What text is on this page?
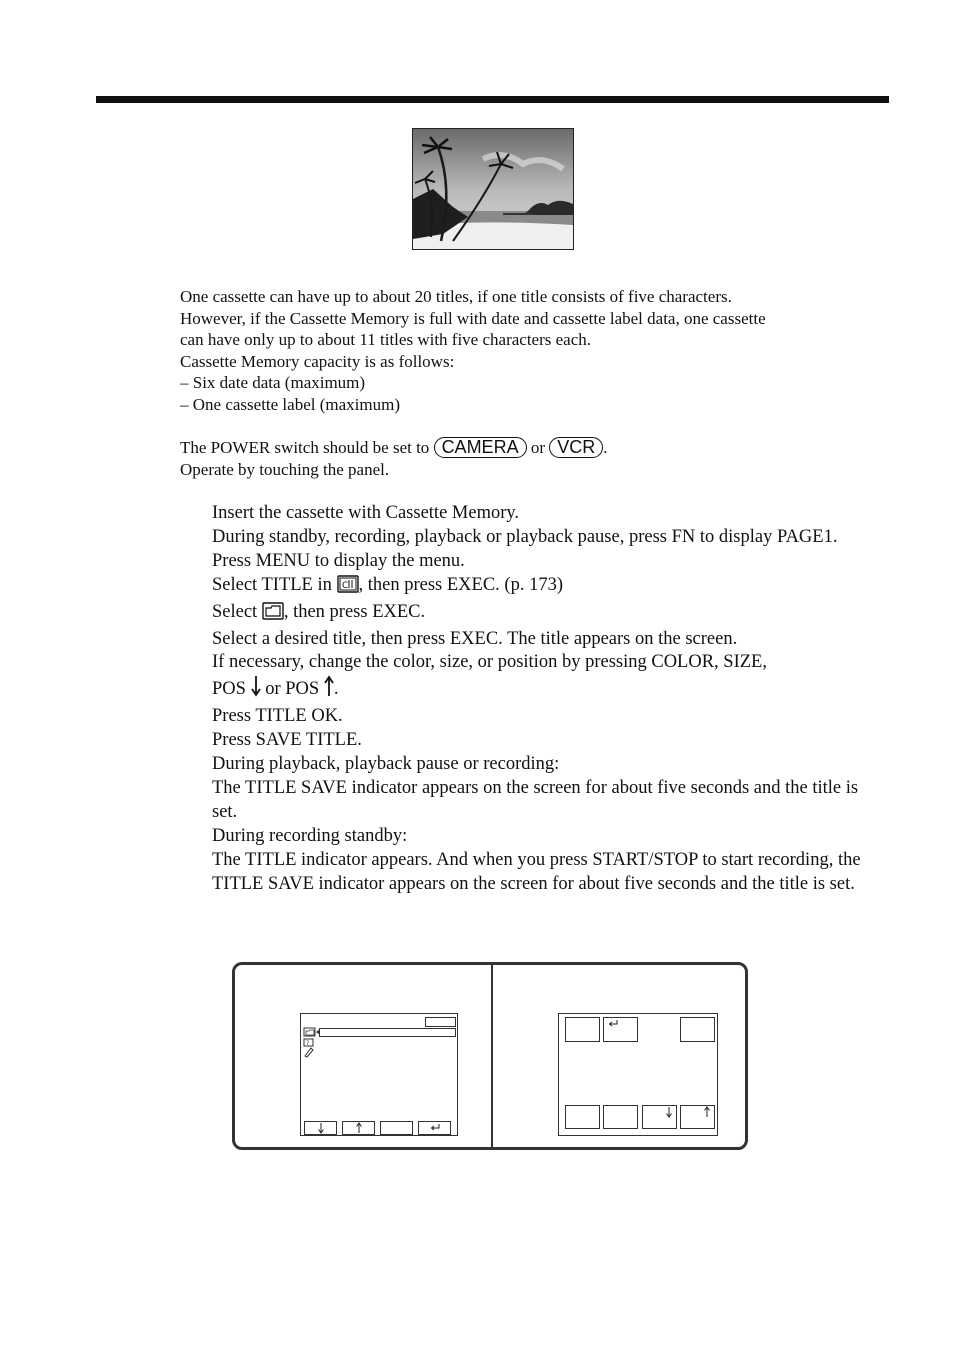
One cassette can have up to about 20 titles, if one title consists of five characters.

However, if the Cassette Memory is full with date and cassette label data, one cassette

can have only up to about 11 titles with five characters each.

Cassette Memory capacity is as follows:

– Six date data (maximum)

– One cassette label (maximum)

The POWER switch should be set to CAMERA or VCR .

Operate by touching the panel.

Insert the cassette with Cassette Memory.

During standby, recording, playback or playback pause, press FN to display PAGE1.

Press MENU to display the menu.

Select TITLE in C , then press EXEC. (p. 173)

Select , then press EXEC.

Select a desired title, then press EXEC. The title appears on the screen.

If necessary, change the color, size, or position by pressing COLOR, SIZE,

POS  or POS .

Press TITLE OK.

Press SAVE TITLE.

During playback, playback pause or recording:

The TITLE SAVE indicator appears on the screen for about five seconds and the title is set.

During recording standby:

The TITLE indicator appears. And when you press START/STOP to start recording, the TITLE SAVE indicator appears on the screen for about five seconds and the title is set.

?
